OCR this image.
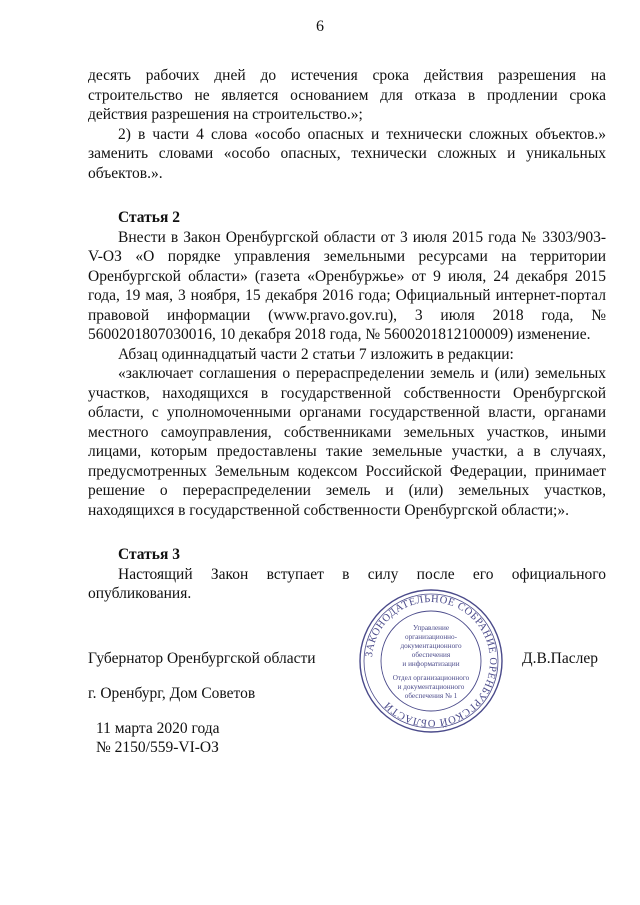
6

десять рабочих дней до истечения срока действия разрешения на строительство не является основанием для отказа в продлении срока действия разрешения на строительство.»;

2) в части 4 слова «особо опасных и технически сложных объектов.» заменить словами «особо опасных, технически сложных и уникальных объектов.».

Статья 2

Внести в Закон Оренбургской области от 3 июля 2015 года № 3303/903-V-ОЗ «О порядке управления земельными ресурсами на территории Оренбургской области» (газета «Оренбуржье» от 9 июля, 24 декабря 2015 года, 19 мая, 3 ноября, 15 декабря 2016 года; Официальный интернет-портал правовой информации (www.pravo.gov.ru), 3 июля 2018 года, № 5600201807030016, 10 декабря 2018 года, № 5600201812100009) изменение.

Абзац одиннадцатый части 2 статьи 7 изложить в редакции:

«заключает соглашения о перераспределении земель и (или) земельных участков, находящихся в государственной собственности Оренбургской области, с уполномоченными органами государственной власти, органами местного самоуправления, собственниками земельных участков, иными лицами, которым предоставлены такие земельные участки, а в случаях, предусмотренных Земельным кодексом Российской Федерации, принимает решение о перераспределении земель и (или) земельных участков, находящихся в государственной собственности Оренбургской области;».

Статья 3

Настоящий Закон вступает в силу после его официального опубликования.

Губернатор Оренбургской области	Д.В.Паслер
г. Оренбург, Дом Советов
11 марта 2020 года
№ 2150/559-VI-ОЗ
ЗАКОНОДАТЕЛЬНОЕ СОБРАНИЕ ОРЕНБУРГСКОЙ ОБЛАСТИ
Управление
организационно-
документационного
обеспечения
и информатизации
Отдел организационного
и документационного
обеспечения № 1
